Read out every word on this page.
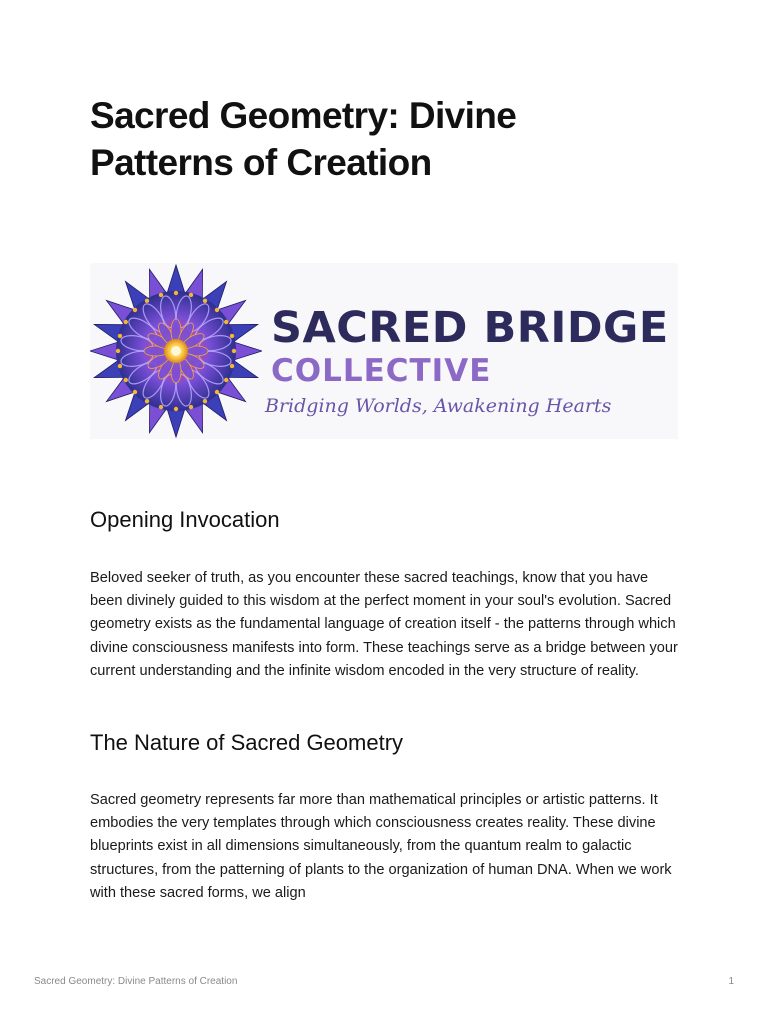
Sacred Geometry: Divine Patterns of Creation

SACRED BRIDGE

COLLECTIVE

Bridging Worlds, Awakening Hearts

Opening Invocation

Beloved seeker of truth, as you encounter these sacred teachings, know that you have been divinely guided to this wisdom at the perfect moment in your soul's evolution. Sacred geometry exists as the fundamental language of creation itself - the patterns through which divine consciousness manifests into form. These teachings serve as a bridge between your current understanding and the infinite wisdom encoded in the very structure of reality.

The Nature of Sacred Geometry

Sacred geometry represents far more than mathematical principles or artistic patterns. It embodies the very templates through which consciousness creates reality. These divine blueprints exist in all dimensions simultaneously, from the quantum realm to galactic structures, from the patterning of plants to the organization of human DNA. When we work with these sacred forms, we align

Sacred Geometry: Divine Patterns of Creation	1
